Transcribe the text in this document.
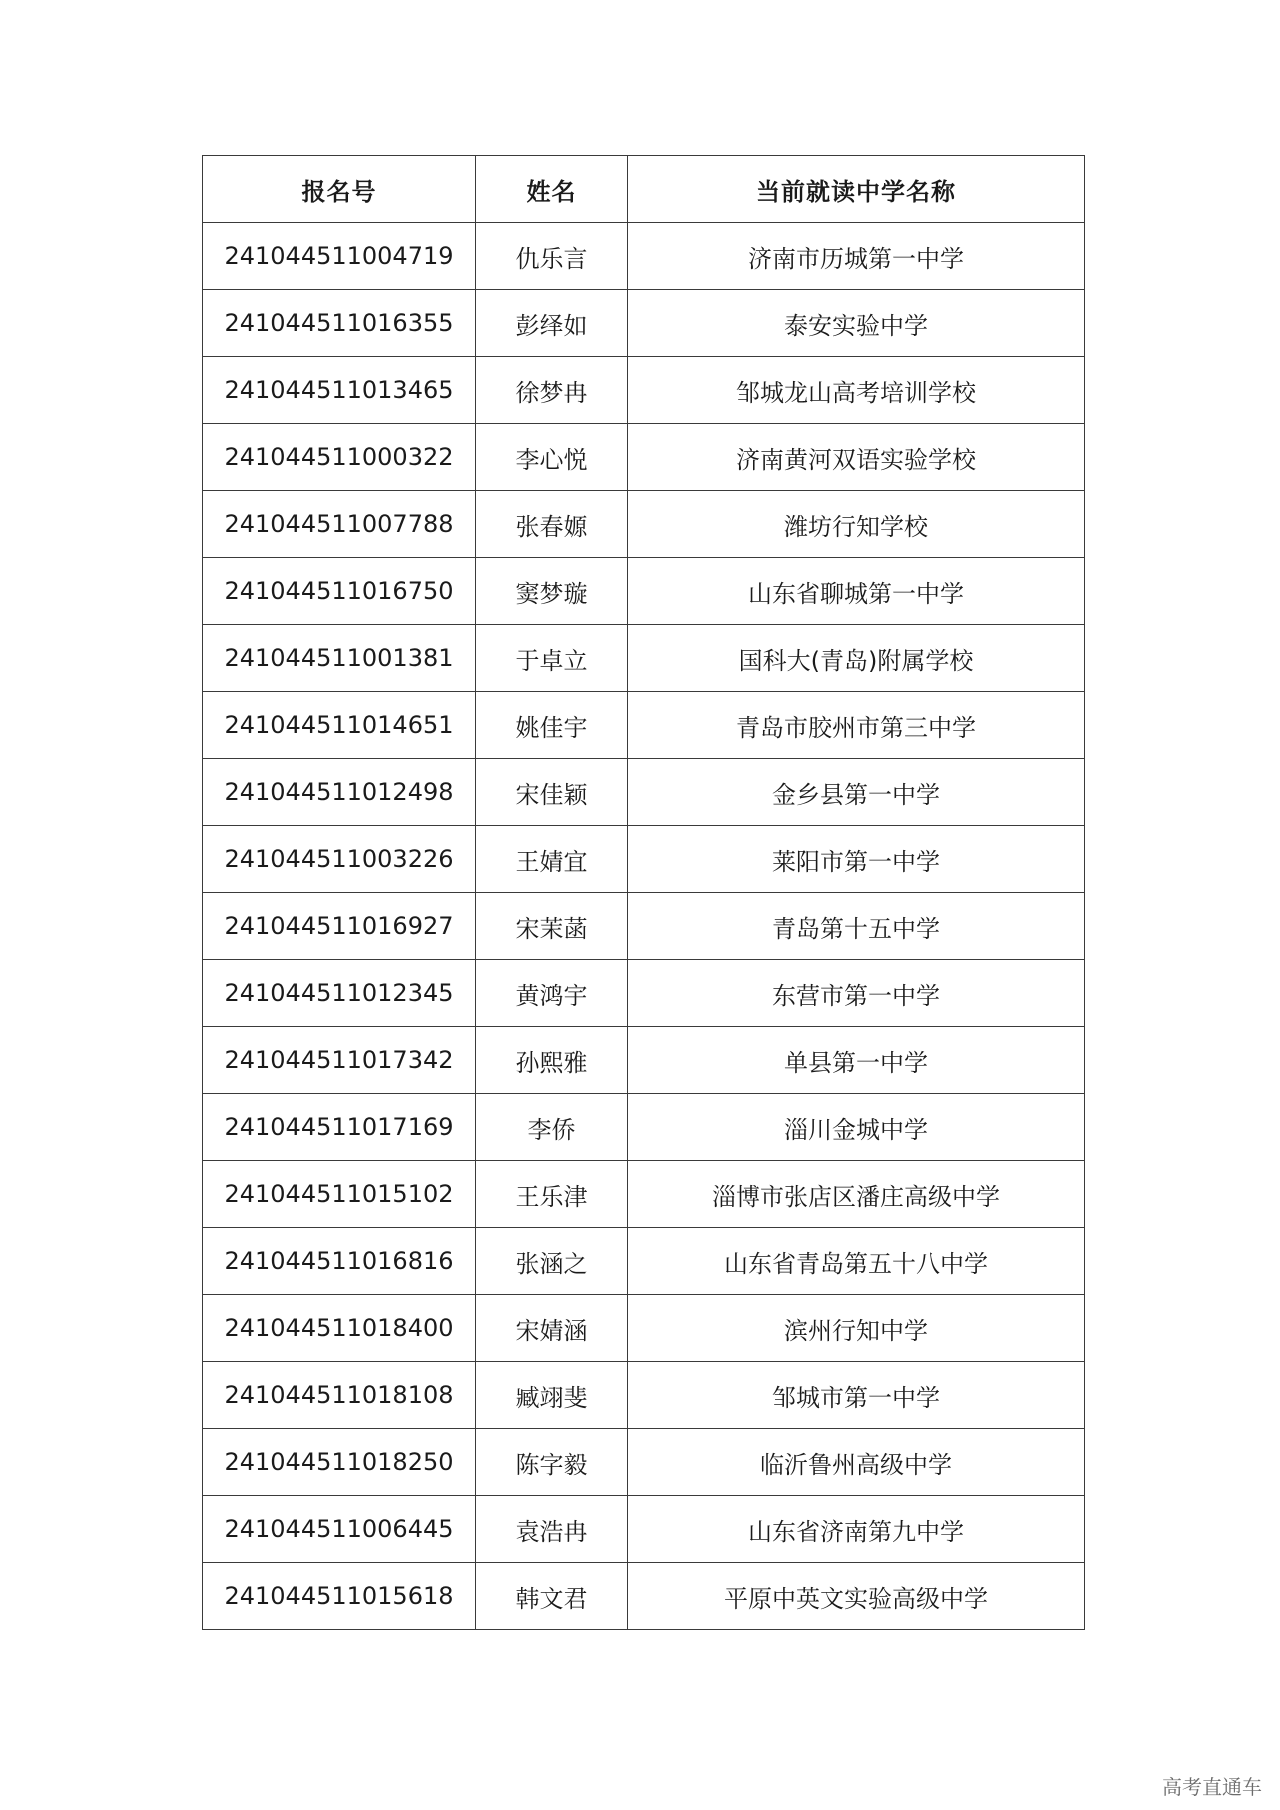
报名号	姓名	当前就读中学名称
241044511004719	仇乐言	济南市历城第一中学
241044511016355	彭绎如	泰安实验中学
241044511013465	徐梦冉	邹城龙山高考培训学校
241044511000322	李心悦	济南黄河双语实验学校
241044511007788	张春嫄	潍坊行知学校
241044511016750	窦梦璇	山东省聊城第一中学
241044511001381	于卓立	国科大(青岛)附属学校
241044511014651	姚佳宇	青岛市胶州市第三中学
241044511012498	宋佳颖	金乡县第一中学
241044511003226	王婧宜	莱阳市第一中学
241044511016927	宋茉菡	青岛第十五中学
241044511012345	黄鸿宇	东营市第一中学
241044511017342	孙熙雅	单县第一中学
241044511017169	李侨	淄川金城中学
241044511015102	王乐津	淄博市张店区潘庄高级中学
241044511016816	张涵之	山东省青岛第五十八中学
241044511018400	宋婧涵	滨州行知中学
241044511018108	臧翊斐	邹城市第一中学
241044511018250	陈字毅	临沂鲁州高级中学
241044511006445	袁浩冉	山东省济南第九中学
241044511015618	韩文君	平原中英文实验高级中学
高考直通车
